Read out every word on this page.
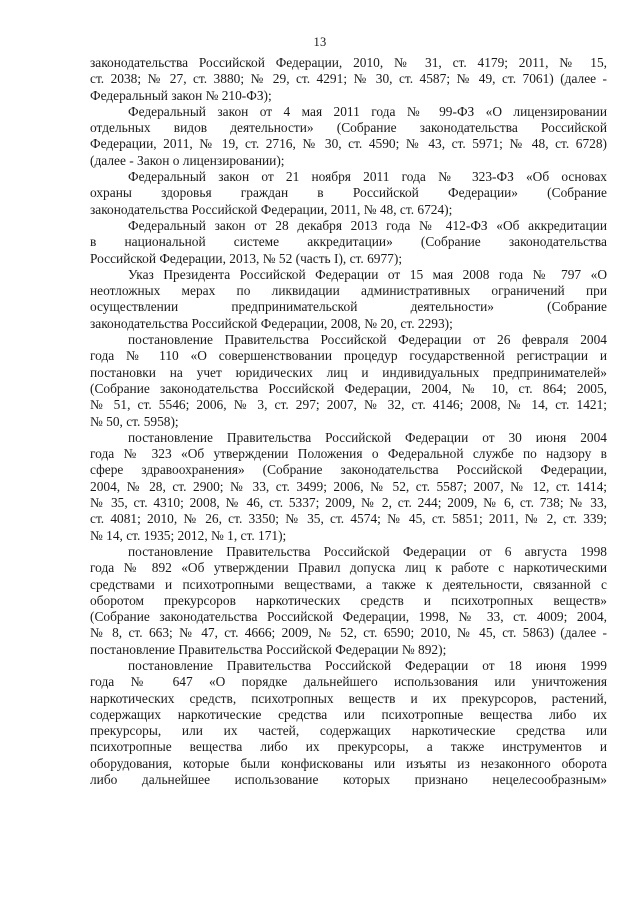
13
законодательства Российской Федерации, 2010, № 31, ст. 4179; 2011, № 15,
ст. 2038; № 27, ст. 3880; № 29, ст. 4291; № 30, ст. 4587; № 49, ст. 7061) (далее -
Федеральный закон № 210-ФЗ);
Федеральный закон от 4 мая 2011 года № 99-ФЗ «О лицензировании
отдельных видов деятельности» (Собрание законодательства Российской
Федерации, 2011, № 19, ст. 2716, № 30, ст. 4590; № 43, ст. 5971; № 48, ст. 6728)
(далее - Закон о лицензировании);
Федеральный закон от 21 ноября 2011 года № 323-ФЗ «Об основах
охраны здоровья граждан в Российской Федерации» (Собрание
законодательства Российской Федерации, 2011, № 48, ст. 6724);
Федеральный закон от 28 декабря 2013 года № 412-ФЗ «Об аккредитации
в национальной системе аккредитации» (Собрание законодательства
Российской Федерации, 2013, № 52 (часть I), ст. 6977);
Указ Президента Российской Федерации от 15 мая 2008 года № 797 «О
неотложных мерах по ликвидации административных ограничений при
осуществлении предпринимательской деятельности» (Собрание
законодательства Российской Федерации, 2008, № 20, ст. 2293);
постановление Правительства Российской Федерации от 26 февраля 2004
года № 110 «О совершенствовании процедур государственной регистрации и
постановки на учет юридических лиц и индивидуальных предпринимателей»
(Собрание законодательства Российской Федерации, 2004, № 10, ст. 864; 2005,
№ 51, ст. 5546; 2006, № 3, ст. 297; 2007, № 32, ст. 4146; 2008, № 14, ст. 1421;
№ 50, ст. 5958);
постановление Правительства Российской Федерации от 30 июня 2004
года № 323 «Об утверждении Положения о Федеральной службе по надзору в
сфере здравоохранения» (Собрание законодательства Российской Федерации,
2004, № 28, ст. 2900; № 33, ст. 3499; 2006, № 52, ст. 5587; 2007, № 12, ст. 1414;
№ 35, ст. 4310; 2008, № 46, ст. 5337; 2009, № 2, ст. 244; 2009, № 6, ст. 738; № 33,
ст. 4081; 2010, № 26, ст. 3350; № 35, ст. 4574; № 45, ст. 5851; 2011, № 2, ст. 339;
№ 14, ст. 1935; 2012, № 1, ст. 171);
постановление Правительства Российской Федерации от 6 августа 1998
года № 892 «Об утверждении Правил допуска лиц к работе с наркотическими
средствами и психотропными веществами, а также к деятельности, связанной с
оборотом прекурсоров наркотических средств и психотропных веществ»
(Собрание законодательства Российской Федерации, 1998, № 33, ст. 4009; 2004,
№ 8, ст. 663; № 47, ст. 4666; 2009, № 52, ст. 6590; 2010, № 45, ст. 5863) (далее -
постановление Правительства Российской Федерации № 892);
постановление Правительства Российской Федерации от 18 июня 1999
года № 647 «О порядке дальнейшего использования или уничтожения
наркотических средств, психотропных веществ и их прекурсоров, растений,
содержащих наркотические средства или психотропные вещества либо их
прекурсоры, или их частей, содержащих наркотические средства или
психотропные вещества либо их прекурсоры, а также инструментов и
оборудования, которые были конфискованы или изъяты из незаконного оборота
либо дальнейшее использование которых признано нецелесообразным»
